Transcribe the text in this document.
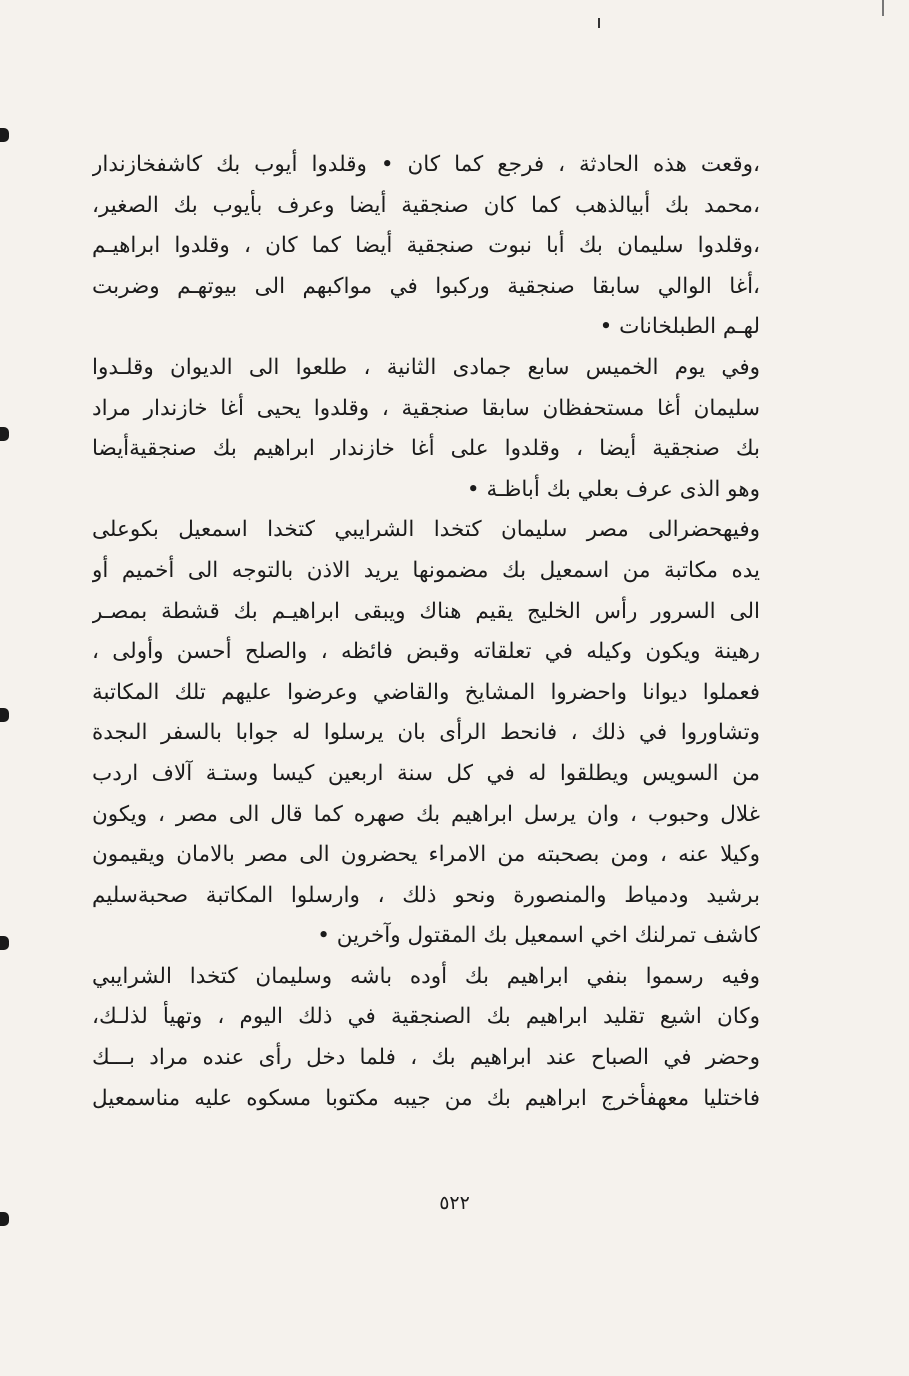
،وقعت هذه الحادثة ، فرجع كما كان • وقلدوا أيوب بك كاشفخازندار
،محمد بك أبيالذهب كما كان صنجقية أيضا وعرف بأيوب بك الصغير،
،وقلدوا سليمان بك أبا نبوت صنجقية أيضا كما كان ، وقلدوا ابراهيـم
،أغا الوالي سابقا صنجقية وركبوا في مواكبهم الى بيوتهـم وضربت
لهـم الطبلخانات •
وفي يوم الخميس سابع جمادى الثانية ، طلعوا الى الديوان وقلـدوا
سليمان أغا مستحفظان سابقا صنجقية ، وقلدوا يحيى أغا خازندار مراد
بك صنجقية أيضا ، وقلدوا على أغا خازندار ابراهيم بك صنجقيةأيضا
وهو الذى عرف بعلي بك أباظـة •
وفيهحضرالى مصر سليمان كتخدا الشرايبي كتخدا اسمعيل بكوعلى
يده مكاتبة من اسمعيل بك مضمونها يريد الاذن بالتوجه الى أخميم أو
الى السرور رأس الخليج يقيم هناك ويبقى ابراهيـم بك قشطة بمصـر
رهينة ويكون وكيله في تعلقاته وقبض فائظه ، والصلح أحسن وأولى ،
فعملوا ديوانا واحضروا المشايخ والقاضي وعرضوا عليهم تلك المكاتبة
وتشاوروا في ذلك ، فانحط الرأى بان يرسلوا له جوابا بالسفر الىجدة
من السويس ويطلقوا له في كل سنة اربعين كيسا وستـة آلاف اردب
غلال وحبوب ، وان يرسل ابراهيم بك صهره كما قال الى مصر ، ويكون
وكيلا عنه ، ومن بصحبته من الامراء يحضرون الى مصر بالامان ويقيمون
برشيد ودمياط والمنصورة ونحو ذلك ، وارسلوا المكاتبة صحبةسليم
كاشف تمرلنك اخي اسمعيل بك المقتول وآخرين •
وفيه رسموا بنفي ابراهيم بك أوده باشه وسليمان كتخدا الشرايبي
وكان اشيع تقليد ابراهيم بك الصنجقية في ذلك اليوم ، وتهيأ لذلـك،
وحضر في الصباح عند ابراهيم بك ، فلما دخل رأى عنده مراد بـــك
فاختليا معهفأخرج ابراهيم بك من جيبه مكتوبا مسكوه عليه مناسمعيل
٥٢٢
